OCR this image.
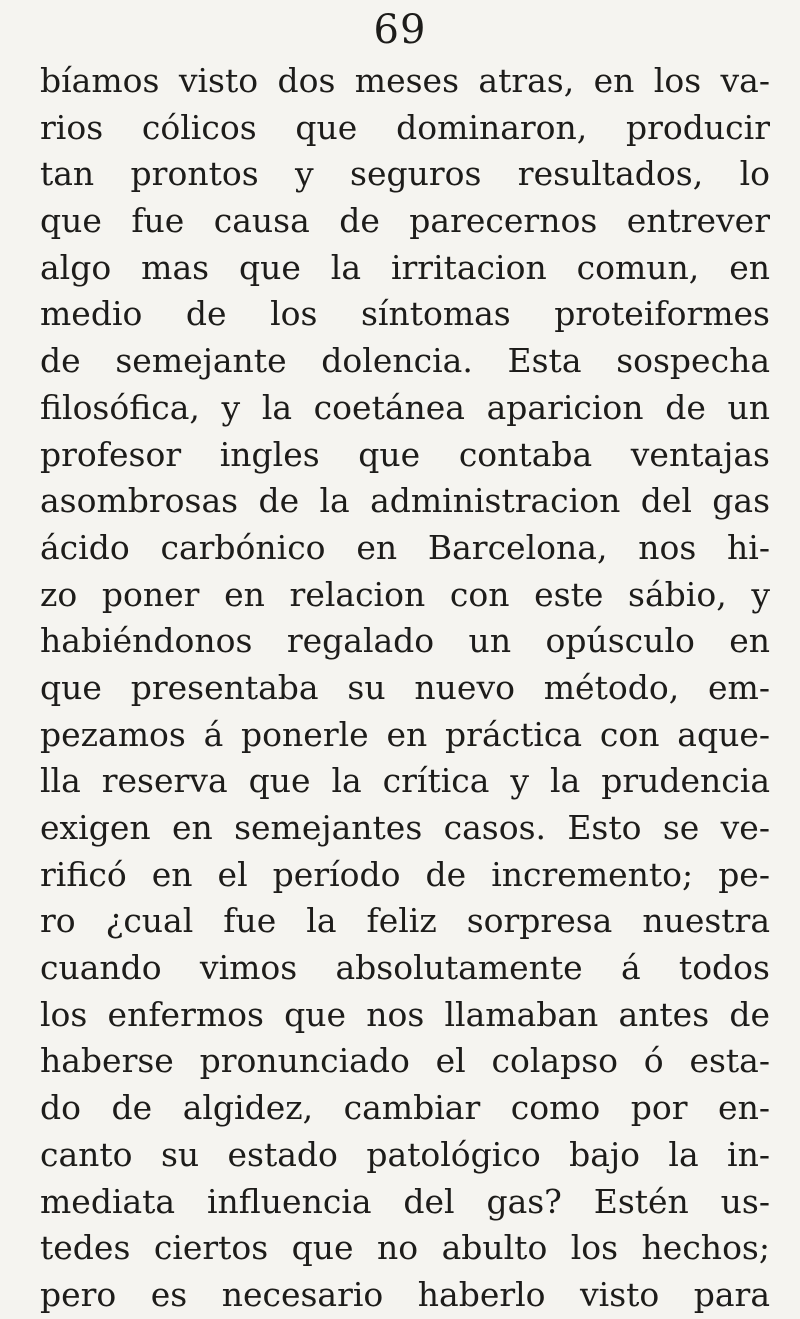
69
bíamos visto dos meses atras, en los va-
rios cólicos que dominaron, producir
tan prontos y seguros resultados, lo
que fue causa de parecernos entrever
algo mas que la irritacion comun, en
medio de los síntomas proteiformes
de semejante dolencia. Esta sospecha
filosófica, y la coetánea aparicion de un
profesor ingles que contaba ventajas
asombrosas de la administracion del gas
ácido carbónico en Barcelona, nos hi-
zo poner en relacion con este sábio, y
habiéndonos regalado un opúsculo en
que presentaba su nuevo método, em-
pezamos á ponerle en práctica con aque-
lla reserva que la crítica y la prudencia
exigen en semejantes casos. Esto se ve-
rificó en el período de incremento; pe-
ro ¿cual fue la feliz sorpresa nuestra
cuando vimos absolutamente á todos
los enfermos que nos llamaban antes de
haberse pronunciado el colapso ó esta-
do de algidez, cambiar como por en-
canto su estado patológico bajo la in-
mediata influencia del gas? Estén us-
tedes ciertos que no abulto los hechos;
pero es necesario haberlo visto para
